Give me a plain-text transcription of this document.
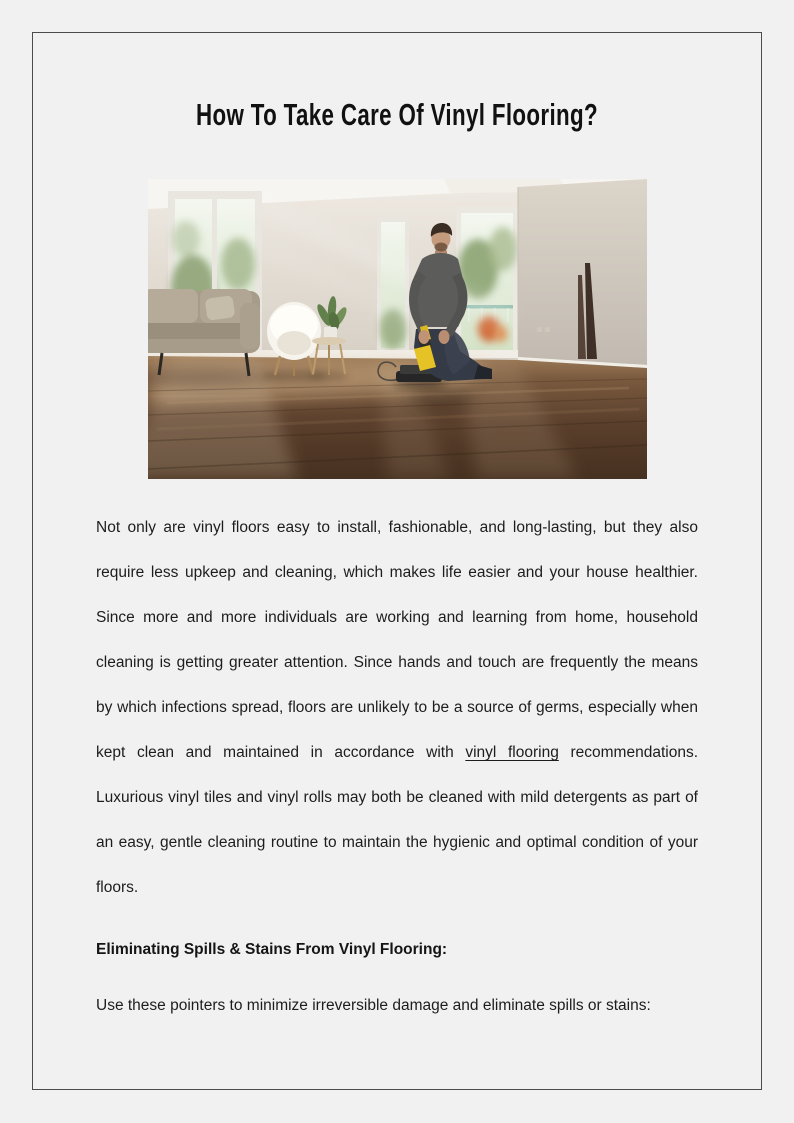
How To Take Care Of Vinyl Flooring?

Not only are vinyl floors easy to install, fashionable, and long-lasting, but they also require less upkeep and cleaning, which makes life easier and your house healthier. Since more and more individuals are working and learning from home, household cleaning is getting greater attention. Since hands and touch are frequently the means by which infections spread, floors are unlikely to be a source of germs, especially when kept clean and maintained in accordance with vinyl flooring recommendations. Luxurious vinyl tiles and vinyl rolls may both be cleaned with mild detergents as part of an easy, gentle cleaning routine to maintain the hygienic and optimal condition of your floors.

Eliminating Spills & Stains From Vinyl Flooring:

Use these pointers to minimize irreversible damage and eliminate spills or stains:
